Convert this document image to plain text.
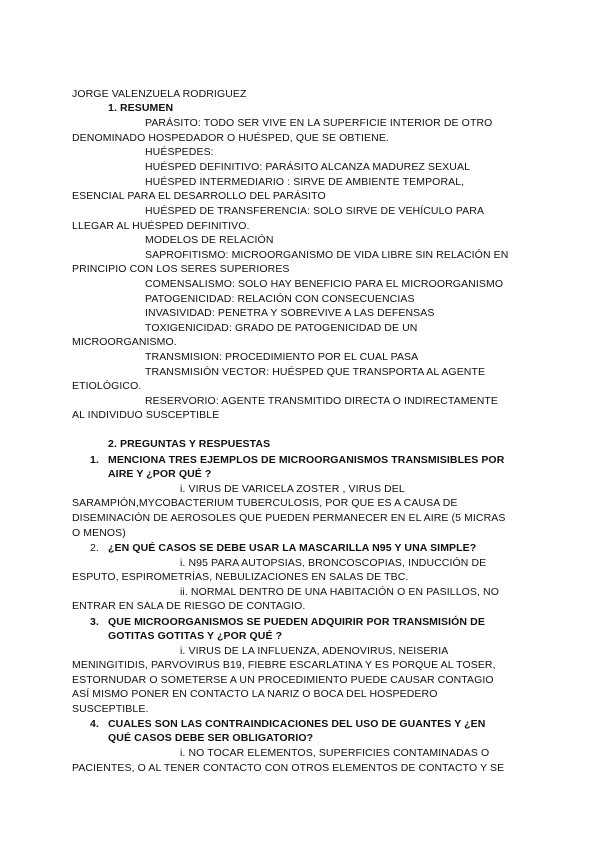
JORGE VALENZUELA RODRIGUEZ
1. RESUMEN
PARÁSITO: TODO SER VIVE EN LA SUPERFICIE INTERIOR DE OTRO
DENOMINADO HOSPEDADOR O HUÉSPED, QUE SE OBTIENE.
HUÉSPEDES:
HUÉSPED DEFINITIVO: PARÁSITO ALCANZA MADUREZ SEXUAL
HUÉSPED INTERMEDIARIO : SIRVE DE AMBIENTE TEMPORAL,
ESENCIAL PARA EL DESARROLLO DEL PARÁSITO
HUÉSPED DE TRANSFERENCIA: SOLO SIRVE DE VEHÍCULO PARA
LLEGAR AL HUÉSPED DEFINITIVO.
MODELOS DE RELACIÓN
SAPROFITISMO: MICROORGANISMO DE VIDA LIBRE SIN RELACIÓN EN
PRINCIPIO CON LOS SERES SUPERIORES
COMENSALISMO: SOLO HAY BENEFICIO PARA EL MICROORGANISMO
PATOGENICIDAD: RELACIÓN CON CONSECUENCIAS
INVASIVIDAD: PENETRA Y SOBREVIVE A LAS DEFENSAS
TOXIGENICIDAD: GRADO DE PATOGENICIDAD DE UN
MICROORGANISMO.
TRANSMISION: PROCEDIMIENTO POR EL CUAL PASA
TRANSMISIÓN VECTOR: HUÉSPED QUE TRANSPORTA AL AGENTE
ETIOLÓGICO.
RESERVORIO: AGENTE TRANSMITIDO DIRECTA O INDIRECTAMENTE
AL INDIVIDUO SUSCEPTIBLE
2. PREGUNTAS Y RESPUESTAS
1. MENCIONA TRES EJEMPLOS DE MICROORGANISMOS TRANSMISIBLES POR
AIRE Y ¿POR QUÉ ?
i. VIRUS DE VARICELA ZOSTER , VIRUS DEL
SARAMPIÓN,MYCOBACTERIUM TUBERCULOSIS, POR QUE ES A CAUSA DE
DISEMINACIÓN DE AEROSOLES QUE PUEDEN PERMANECER EN EL AIRE (5 MICRAS
O MENOS)
2. ¿EN QUÉ CASOS SE DEBE USAR LA MASCARILLA N95 Y UNA SIMPLE?
i. N95 PARA AUTOPSIAS, BRONCOSCOPIAS, INDUCCIÓN DE
ESPUTO, ESPIROMETRÍAS, NEBULIZACIONES EN SALAS DE TBC.
ii. NORMAL DENTRO DE UNA HABITACIÓN O EN PASILLOS, NO
ENTRAR EN SALA DE RIESGO DE CONTAGIO.
3. QUE MICROORGANISMOS SE PUEDEN ADQUIRIR POR TRANSMISIÓN DE
GOTITAS GOTITAS Y ¿POR QUÉ ?
i. VIRUS DE LA INFLUENZA, ADENOVIRUS, NEISERIA
MENINGITIDIS, PARVOVIRUS B19, FIEBRE ESCARLATINA Y ES PORQUE AL TOSER,
ESTORNUDAR O SOMETERSE A UN PROCEDIMIENTO PUEDE CAUSAR CONTAGIO
ASÍ MISMO PONER EN CONTACTO LA NARIZ O BOCA DEL HOSPEDERO
SUSCEPTIBLE.
4. CUALES SON LAS CONTRAINDICACIONES DEL USO DE GUANTES Y ¿EN
QUÉ CASOS DEBE SER OBLIGATORIO?
i. NO TOCAR ELEMENTOS, SUPERFICIES CONTAMINADAS O
PACIENTES, O AL TENER CONTACTO CON OTROS ELEMENTOS DE CONTACTO Y SE
